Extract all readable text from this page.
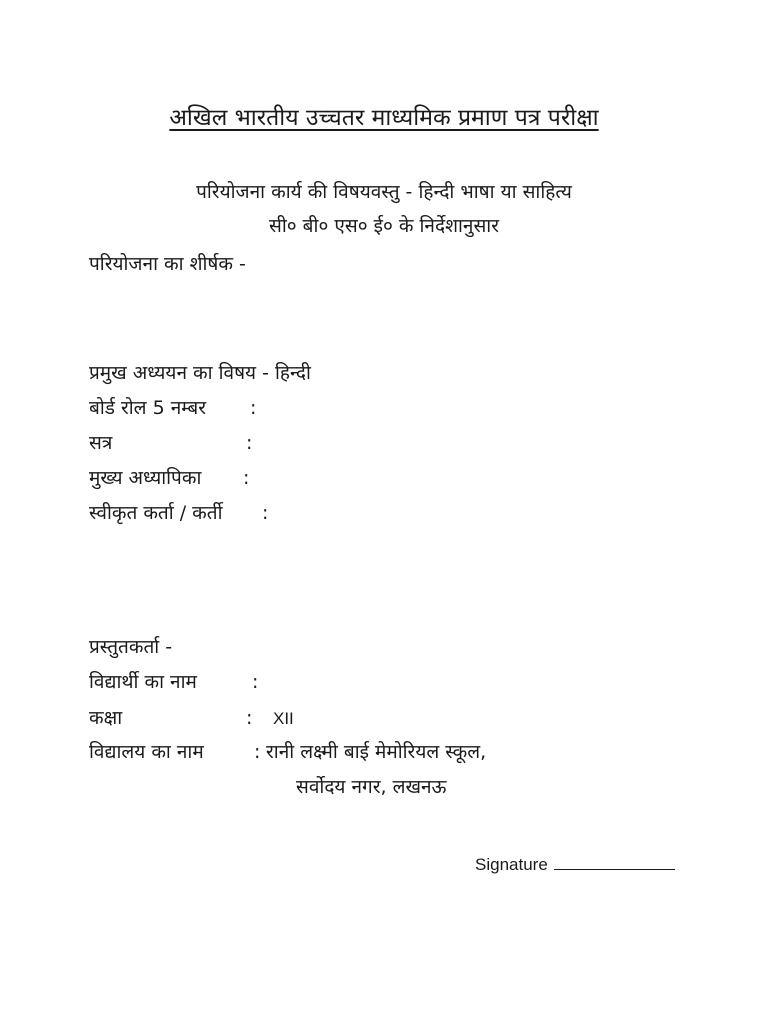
अखिल भारतीय उच्चतर माध्यमिक प्रमाण पत्र परीक्षा
परियोजना कार्य की विषयवस्तु - हिन्दी भाषा या साहित्य
सी० बी० एस० ई० के निर्देशानुसार
परियोजना का शीर्षक -
प्रमुख अध्ययन का विषय - हिन्दी
बोर्ड रोल 5 नम्बर :
सत्र	:
मुख्य अध्यापिका :
स्वीकृत कर्ता / कर्ती :
प्रस्तुतकर्ता -
विद्यार्थी का नाम	:
कक्षा	: XII
विद्यालय का नाम	: रानी लक्ष्मी बाई मेमोरियल स्कूल,
सर्वोदय नगर, लखनऊ
Signature
